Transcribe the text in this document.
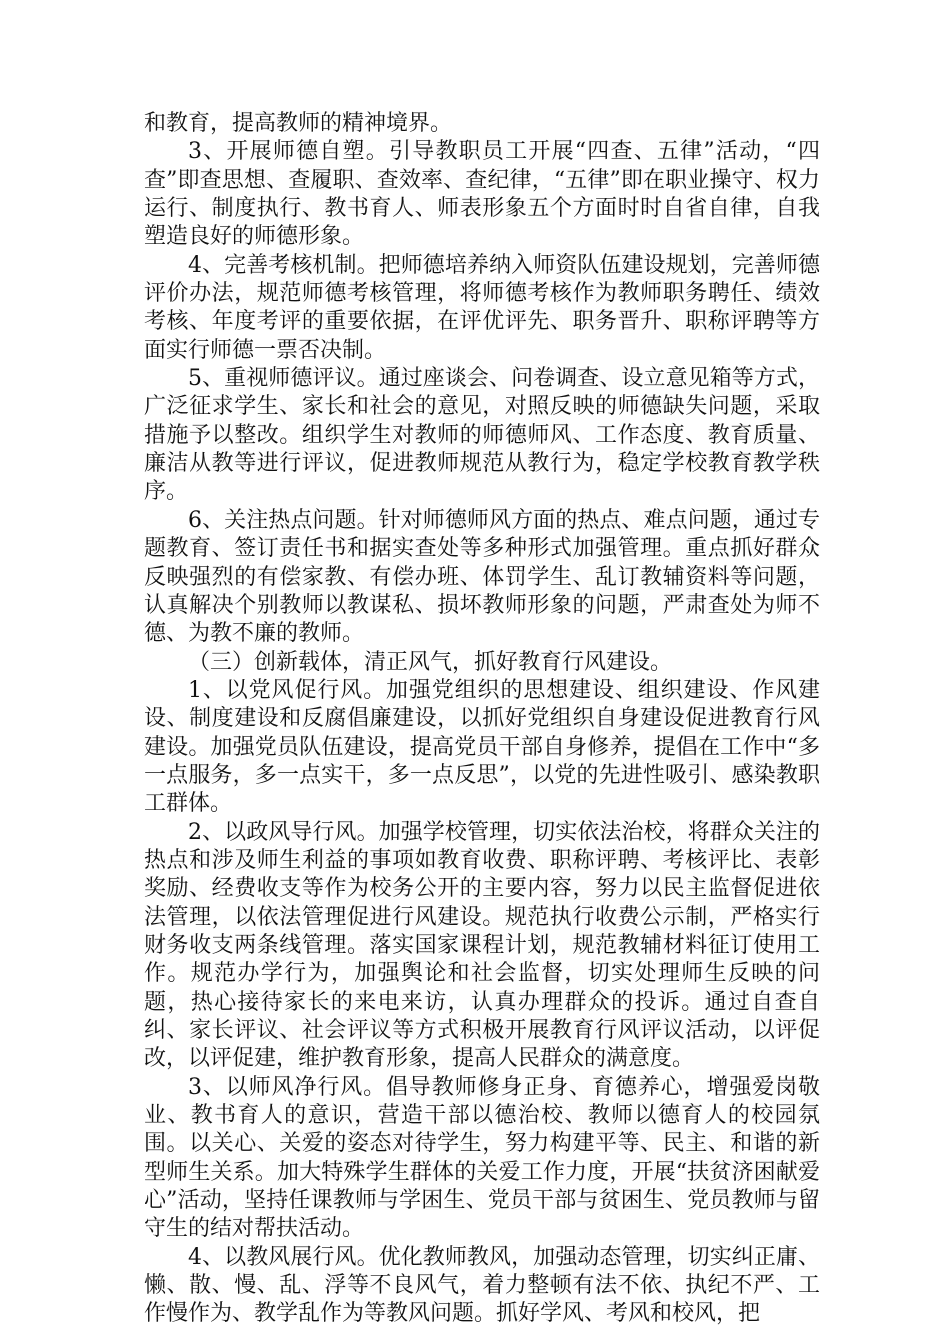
和教育，提高教师的精神境界。

3、开展师德自塑。引导教职员工开展“四查、五律”活动，“四查”即查思想、查履职、查效率、查纪律，“五律”即在职业操守、权力运行、制度执行、教书育人、师表形象五个方面时时自省自律，自我塑造良好的师德形象。

4、完善考核机制。把师德培养纳入师资队伍建设规划，完善师德评价办法，规范师德考核管理，将师德考核作为教师职务聘任、绩效考核、年度考评的重要依据，在评优评先、职务晋升、职称评聘等方面实行师德一票否决制。

5、重视师德评议。通过座谈会、问卷调查、设立意见箱等方式，广泛征求学生、家长和社会的意见，对照反映的师德缺失问题，采取措施予以整改。组织学生对教师的师德师风、工作态度、教育质量、廉洁从教等进行评议，促进教师规范从教行为，稳定学校教育教学秩序。

6、关注热点问题。针对师德师风方面的热点、难点问题，通过专题教育、签订责任书和据实查处等多种形式加强管理。重点抓好群众反映强烈的有偿家教、有偿办班、体罚学生、乱订教辅资料等问题，认真解决个别教师以教谋私、损坏教师形象的问题，严肃查处为师不德、为教不廉的教师。

（三）创新载体，清正风气，抓好教育行风建设。

1、以党风促行风。加强党组织的思想建设、组织建设、作风建设、制度建设和反腐倡廉建设，以抓好党组织自身建设促进教育行风建设。加强党员队伍建设，提高党员干部自身修养，提倡在工作中“多一点服务，多一点实干，多一点反思”，以党的先进性吸引、感染教职工群体。

2、以政风导行风。加强学校管理，切实依法治校，将群众关注的热点和涉及师生利益的事项如教育收费、职称评聘、考核评比、表彰奖励、经费收支等作为校务公开的主要内容，努力以民主监督促进依法管理，以依法管理促进行风建设。规范执行收费公示制，严格实行财务收支两条线管理。落实国家课程计划，规范教辅材料征订使用工作。规范办学行为，加强舆论和社会监督，切实处理师生反映的问题，热心接待家长的来电来访，认真办理群众的投诉。通过自查自纠、家长评议、社会评议等方式积极开展教育行风评议活动，以评促改，以评促建，维护教育形象，提高人民群众的满意度。

3、以师风净行风。倡导教师修身正身、育德养心，增强爱岗敬业、教书育人的意识，营造干部以德治校、教师以德育人的校园氛围。以关心、关爱的姿态对待学生，努力构建平等、民主、和谐的新型师生关系。加大特殊学生群体的关爱工作力度，开展“扶贫济困献爱心”活动，坚持任课教师与学困生、党员干部与贫困生、党员教师与留守生的结对帮扶活动。

4、以教风展行风。优化教师教风，加强动态管理，切实纠正庸、懒、散、慢、乱、浮等不良风气，着力整顿有法不依、执纪不严、工作慢作为、教学乱作为等教风问题。抓好学风、考风和校风，把
